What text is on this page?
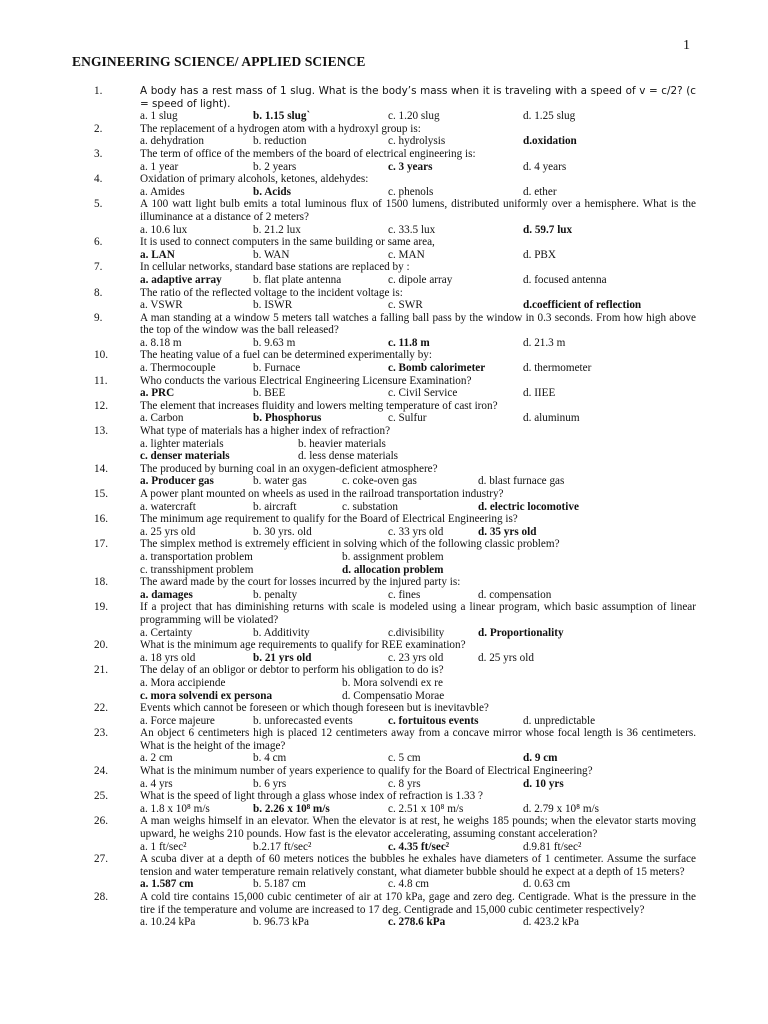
1
ENGINEERING SCIENCE/ APPLIED SCIENCE
1.	A body has a rest mass of 1 slug. What is the body’s mass when it is traveling with a speed of v = c/2? (c = speed of light).
a. 1 slug	b. 1.15 slug`	c. 1.20 slug	d. 1.25 slug
2.	The replacement of a hydrogen atom with a hydroxyl group is:
a. dehydration	b. reduction	c. hydrolysis	d.oxidation
3.	The term of office of the members of the board of electrical engineering is:
a. 1 year	b. 2 years	c. 3 years	d. 4 years
4.	Oxidation of primary alcohols, ketones, aldehydes:
a. Amides	b. Acids	c. phenols	d. ether
5.	A 100 watt light bulb emits a total luminous flux of 1500 lumens, distributed uniformly over a hemisphere. What is the illuminance at a distance of 2 meters?
a. 10.6 lux	b. 21.2 lux	c. 33.5 lux	d. 59.7 lux
6.	It is used to connect computers in the same building or same area,
a. LAN	b. WAN	c. MAN	d. PBX
7.	In cellular networks, standard base stations are replaced by :
a. adaptive array	b. flat plate antenna	c. dipole array	d. focused antenna
8.	The ratio of the reflected voltage to the incident voltage is:
a. VSWR	b. ISWR	c. SWR	d.coefficient of reflection
9.	A man standing at a window 5 meters tall watches a falling ball pass by the window in 0.3 seconds. From how high above the top of the window was the ball released?
a. 8.18 m	b. 9.63 m	c. 11.8 m	d. 21.3 m
10.	The heating value of a fuel can be determined experimentally by:
a. Thermocouple	b. Furnace	c. Bomb calorimeter	d. thermometer
11.	Who conducts the various Electrical Engineering Licensure Examination?
a. PRC	b. BEE	c. Civil Service	d. IIEE
12.	The element that increases fluidity and lowers melting temperature of cast iron?
a. Carbon	b. Phosphorus	c. Sulfur	d. aluminum
13.	What type of materials has a higher index of refraction?
a. lighter materials	b. heavier materials
c. denser materials	d. less dense materials
14.	The produced by burning coal in an oxygen-deficient atmosphere?
a. Producer gas	b. water gas	c. coke-oven gas	d. blast furnace gas
15.	A power plant mounted on wheels as used in the railroad transportation industry?
a. watercraft	b. aircraft	c. substation	d. electric locomotive
16.	The minimum age requirement to qualify for the Board of Electrical Engineering is?
a. 25 yrs old	b. 30 yrs. old	c. 33 yrs old	d. 35 yrs old
17.	The simplex method is extremely efficient in solving which of the following classic problem?
a. transportation problem	b. assignment problem
c. transshipment problem	d. allocation problem
18.	The award made by the court for losses incurred by the injured party is:
a. damages	b. penalty	c. fines	d. compensation
19.	If a project that has diminishing returns with scale is modeled using a linear program, which basic assumption of linear programming will be violated?
a. Certainty	b. Additivity	c.divisibility	d. Proportionality
20.	What is the minimum age requirements to qualify for REE examination?
a. 18 yrs old	b. 21 yrs old	c. 23 yrs old	d. 25 yrs old
21.	The delay of an obligor or debtor to perform his obligation to do is?
a. Mora accipiende	b. Mora solvendi ex re
c. mora solvendi ex persona	d. Compensatio Morae
22.	Events which cannot be foreseen or which though foreseen but is inevitavble?
a. Force majeure	b. unforecasted events	c. fortuitous events	d. unpredictable
23.	An object 6 centimeters high is placed 12 centimeters away from a concave mirror whose focal length is 36 centimeters. What is the height of the image?
a. 2 cm	b. 4 cm	c. 5 cm	d. 9 cm
24.	What is the minimum number of years experience to qualify for the Board of Electrical Engineering?
a. 4 yrs	b. 6 yrs	c. 8 yrs	d. 10 yrs
25.	What is the speed of light through a glass whose index of refraction is 1.33 ?
a. 1.8 x 10⁸ m/s	b. 2.26 x 10⁸ m/s	c. 2.51 x 10⁸ m/s	d. 2.79 x 10⁸ m/s
26.	A man weighs himself in an elevator. When the elevator is at rest, he weighs 185 pounds; when the elevator starts moving upward, he weighs 210 pounds. How fast is the elevator accelerating, assuming constant acceleration?
a. 1 ft/sec²	b.2.17 ft/sec²	c. 4.35 ft/sec²	d.9.81 ft/sec²
27.	A scuba diver at a depth of 60 meters notices the bubbles he exhales have diameters of 1 centimeter. Assume the surface tension and water temperature remain relatively constant, what diameter bubble should he expect at a depth of 15 meters?
a. 1.587 cm	b. 5.187 cm	c. 4.8 cm	d. 0.63 cm
28.	A cold tire contains 15,000 cubic centimeter of air at 170 kPa, gage and zero deg. Centigrade. What is the pressure in the tire if the temperature and volume are increased to 17 deg. Centigrade and 15,000 cubic centimeter respectively?
a. 10.24 kPa	b. 96.73 kPa	c. 278.6 kPa	d. 423.2 kPa
